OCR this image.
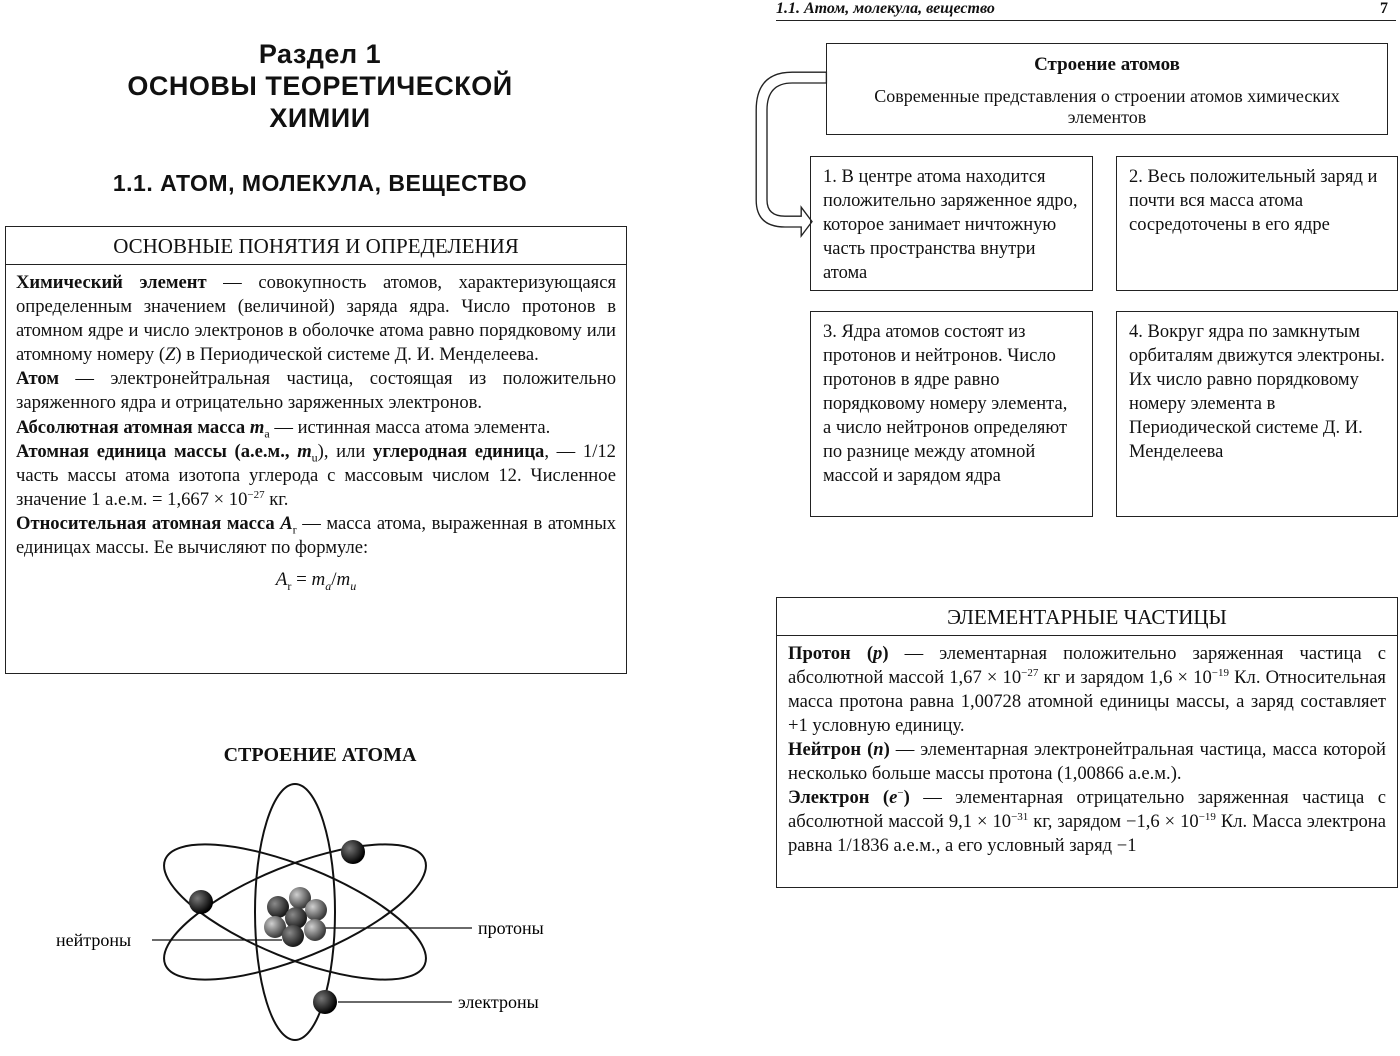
Раздел 1
ОСНОВЫ ТЕОРЕТИЧЕСКОЙ
ХИМИИ
1.1. АТОМ, МОЛЕКУЛА, ВЕЩЕСТВО
ОСНОВНЫЕ ПОНЯТИЯ И ОПРЕДЕЛЕНИЯ
Химический элемент — совокупность атомов, характеризующаяся определенным значением (величиной) заряда ядра. Число протонов в атомном ядре и число электронов в оболочке атома равно порядковому или атомному номеру (Z) в Периодической системе Д. И. Менделеева.
Атом — электронейтральная частица, состоящая из положительно заряженного ядра и отрицательно заряженных электронов.
Абсолютная атомная масса $m_а$ — истинная масса атома элемента.
Атомная единица массы (а.е.м., $m_u$), или углеродная единица, — 1/12 часть массы атома изотопа углерода с массовым числом 12. Численное значение 1 а.е.м. = $1,667 \times 10^{-27}$ кг.
Относительная атомная масса $A_r$ — масса атома, выраженная в атомных единицах массы. Ее вычисляют по формуле:
$A_r = m_a/m_u$
СТРОЕНИЕ АТОМА
нейтроны
протоны
электроны
1.1. Атом, молекула, вещество	7
Строение атомов
Современные представления о строении атомов химических элементов
1. В центре атома находится положительно заряженное ядро, которое занимает ничтожную часть пространства внутри атома
2. Весь положительный заряд и почти вся масса атома сосредоточены в его ядре
3. Ядра атомов состоят из протонов и нейтронов. Число протонов в ядре равно порядковому номеру элемента, а число нейтронов определяют по разнице между атомной массой и зарядом ядра
4. Вокруг ядра по замкнутым орбиталям движутся электроны. Их число равно порядковому номеру элемента в Периодической системе Д. И. Менделеева
ЭЛЕМЕНТАРНЫЕ ЧАСТИЦЫ
Протон (p) — элементарная положительно заряженная частица с абсолютной массой $1,67 \times 10^{-27}$ кг и зарядом $1,6 \times 10^{-19}$ Кл. Относительная масса протона равна 1,00728 атомной единицы массы, а заряд составляет +1 условную единицу.
Нейтрон (n) — элементарная электронейтральная частица, масса которой несколько больше массы протона (1,00866 а.е.м.).
Электрон (e−) — элементарная отрицательно заряженная частица с абсолютной массой $9,1 \times 10^{-31}$ кг, зарядом $-1,6 \times 10^{-19}$ Кл. Масса электрона равна 1/1836 а.е.м., а его условный заряд −1
